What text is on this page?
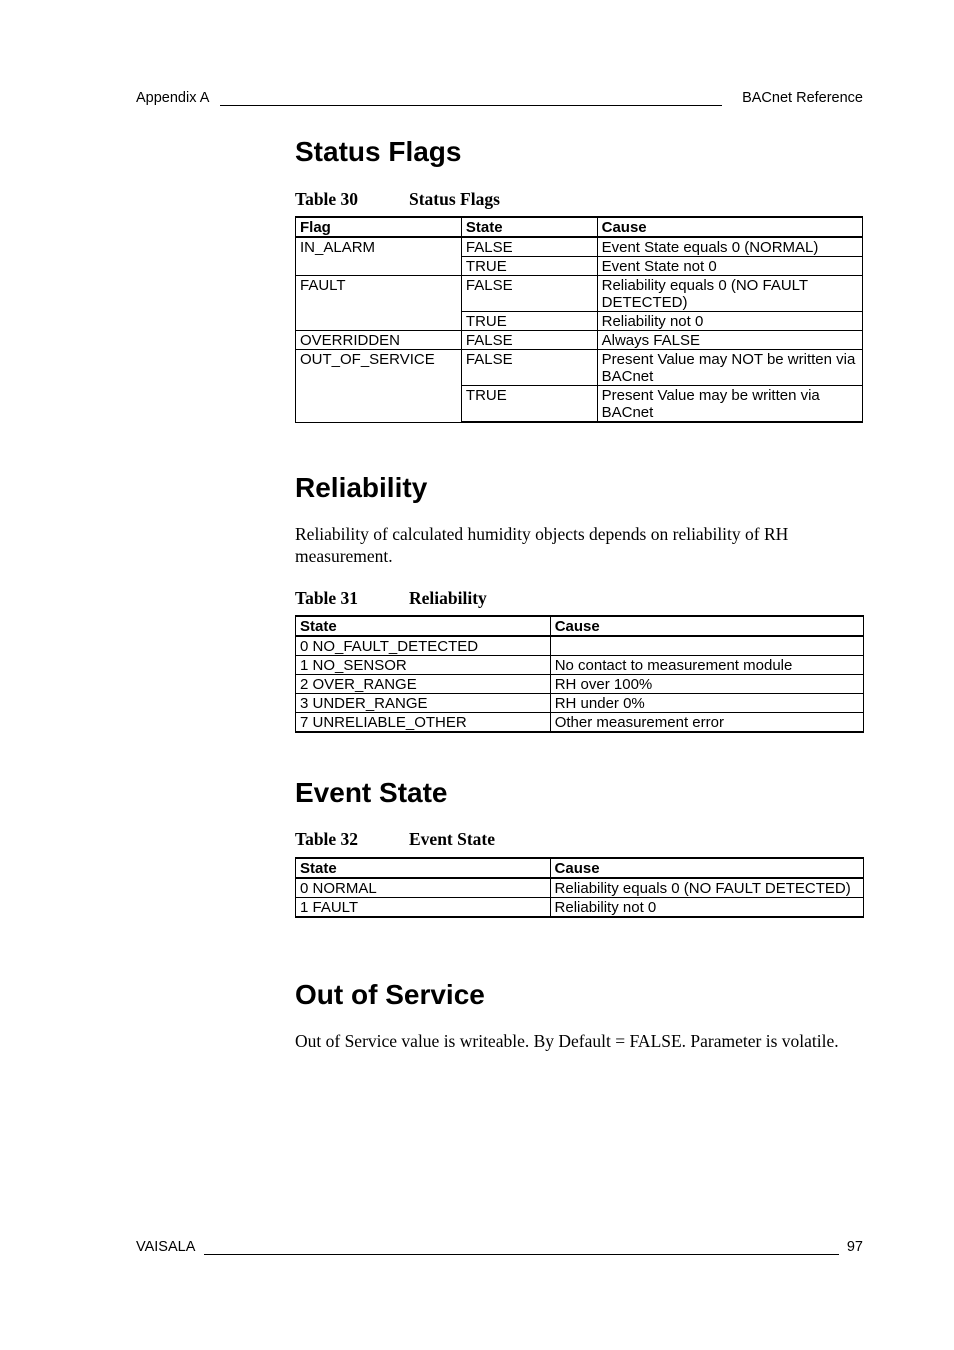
Appendix A	BACnet Reference
Status Flags
Table 30	Status Flags
Flag	State	Cause
IN_ALARM	FALSE	Event State equals 0 (NORMAL)
	TRUE	Event State not 0
FAULT	FALSE	Reliability equals 0 (NO FAULT DETECTED)
	TRUE	Reliability not 0
OVERRIDDEN	FALSE	Always FALSE
OUT_OF_SERVICE	FALSE	Present Value may NOT be written via BACnet
	TRUE	Present Value may be written via BACnet
Reliability

Reliability of calculated humidity objects depends on reliability of RH measurement.

Table 31	Reliability
State	Cause
0 NO_FAULT_DETECTED	
1 NO_SENSOR	No contact to measurement module
2 OVER_RANGE	RH over 100%
3 UNDER_RANGE	RH under 0%
7 UNRELIABLE_OTHER	Other measurement error
Event State
Table 32	Event State
State	Cause
0 NORMAL	Reliability equals 0 (NO FAULT DETECTED)
1 FAULT	Reliability not 0
Out of Service

Out of Service value is writeable. By Default = FALSE. Parameter is volatile.

VAISALA	97
